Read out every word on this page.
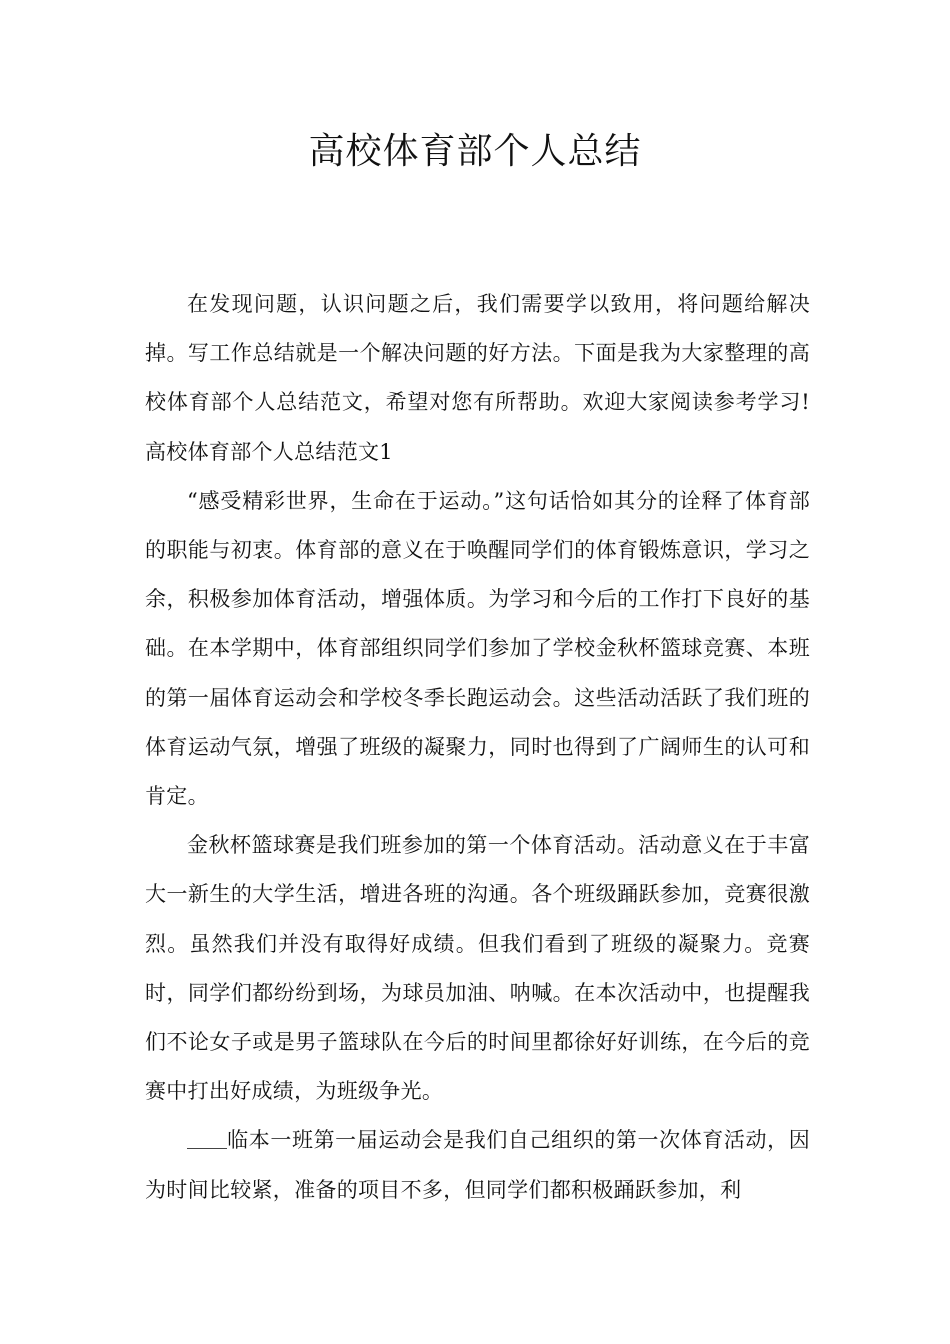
高校体育部个人总结

在发现问题，认识问题之后，我们需要学以致用，将问题给解决掉。写工作总结就是一个解决问题的好方法。下面是我为大家整理的高校体育部个人总结范文，希望对您有所帮助。欢迎大家阅读参考学习!高校体育部个人总结范文1

“感受精彩世界，生命在于运动。”这句话恰如其分的诠释了体育部的职能与初衷。体育部的意义在于唤醒同学们的体育锻炼意识，学习之余，积极参加体育活动，增强体质。为学习和今后的工作打下良好的基础。在本学期中，体育部组织同学们参加了学校金秋杯篮球竞赛、本班的第一届体育运动会和学校冬季长跑运动会。这些活动活跃了我们班的体育运动气氛，增强了班级的凝聚力，同时也得到了广阔师生的认可和肯定。

金秋杯篮球赛是我们班参加的第一个体育活动。活动意义在于丰富大一新生的大学生活，增进各班的沟通。各个班级踊跃参加，竞赛很激烈。虽然我们并没有取得好成绩。但我们看到了班级的凝聚力。竞赛时，同学们都纷纷到场，为球员加油、呐喊。在本次活动中，也提醒我们不论女子或是男子篮球队在今后的时间里都徐好好训练，在今后的竞赛中打出好成绩，为班级争光。

临本一班第一届运动会是我们自己组织的第一次体育活动，因为时间比较紧，准备的项目不多，但同学们都积极踊跃参加，利
